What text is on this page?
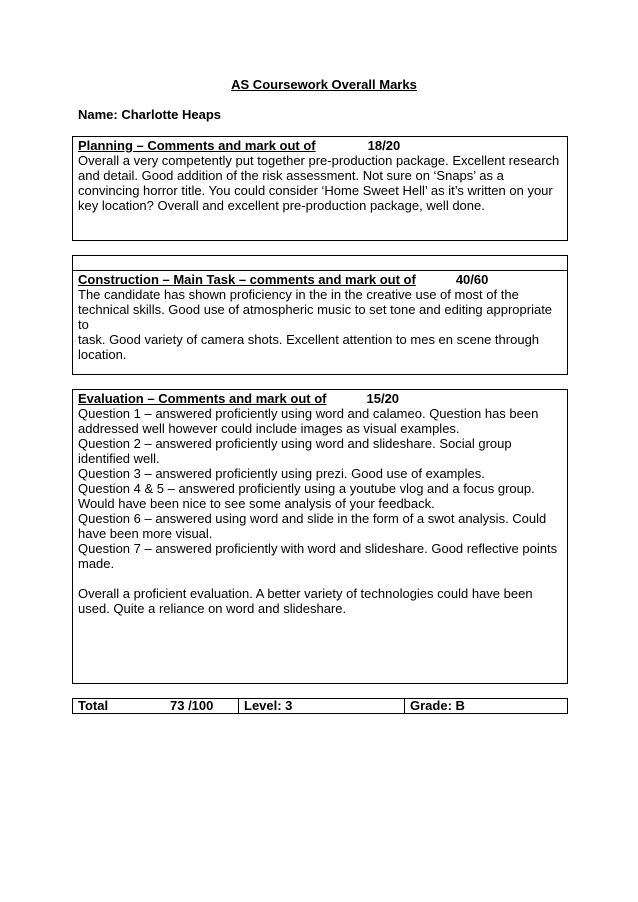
AS Coursework Overall Marks
Name: Charlotte Heaps
Planning – Comments and mark out of	18/20
Overall a very competently put together pre-production package. Excellent research
and detail. Good addition of the risk assessment. Not sure on ‘Snaps’ as a
convincing horror title. You could consider ‘Home Sweet Hell’ as it’s written on your
key location? Overall and excellent pre-production package, well done.
Construction – Main Task – comments and mark out of	40/60
The candidate has shown proficiency in the in the creative use of most of the
technical skills. Good use of atmospheric music to set tone and editing appropriate to
task. Good variety of camera shots. Excellent attention to mes en scene through
location.
Evaluation – Comments and mark out of	15/20
Question 1 – answered proficiently using word and calameo. Question has been
addressed well however could include images as visual examples.
Question 2 – answered proficiently using word and slideshare. Social group
identified well.
Question 3 – answered proficiently using prezi. Good use of examples.
Question 4 & 5 – answered proficiently using a youtube vlog and a focus group.
Would have been nice to see some analysis of your feedback.
Question 6 – answered using word and slide in the form of a swot analysis. Could
have been more visual.
Question 7 – answered proficiently with word and slideshare. Good reflective points
made.
Overall a proficient evaluation. A better variety of technologies could have been
used. Quite a reliance on word and slideshare.
Total	73 /100	Level: 3	Grade: B
